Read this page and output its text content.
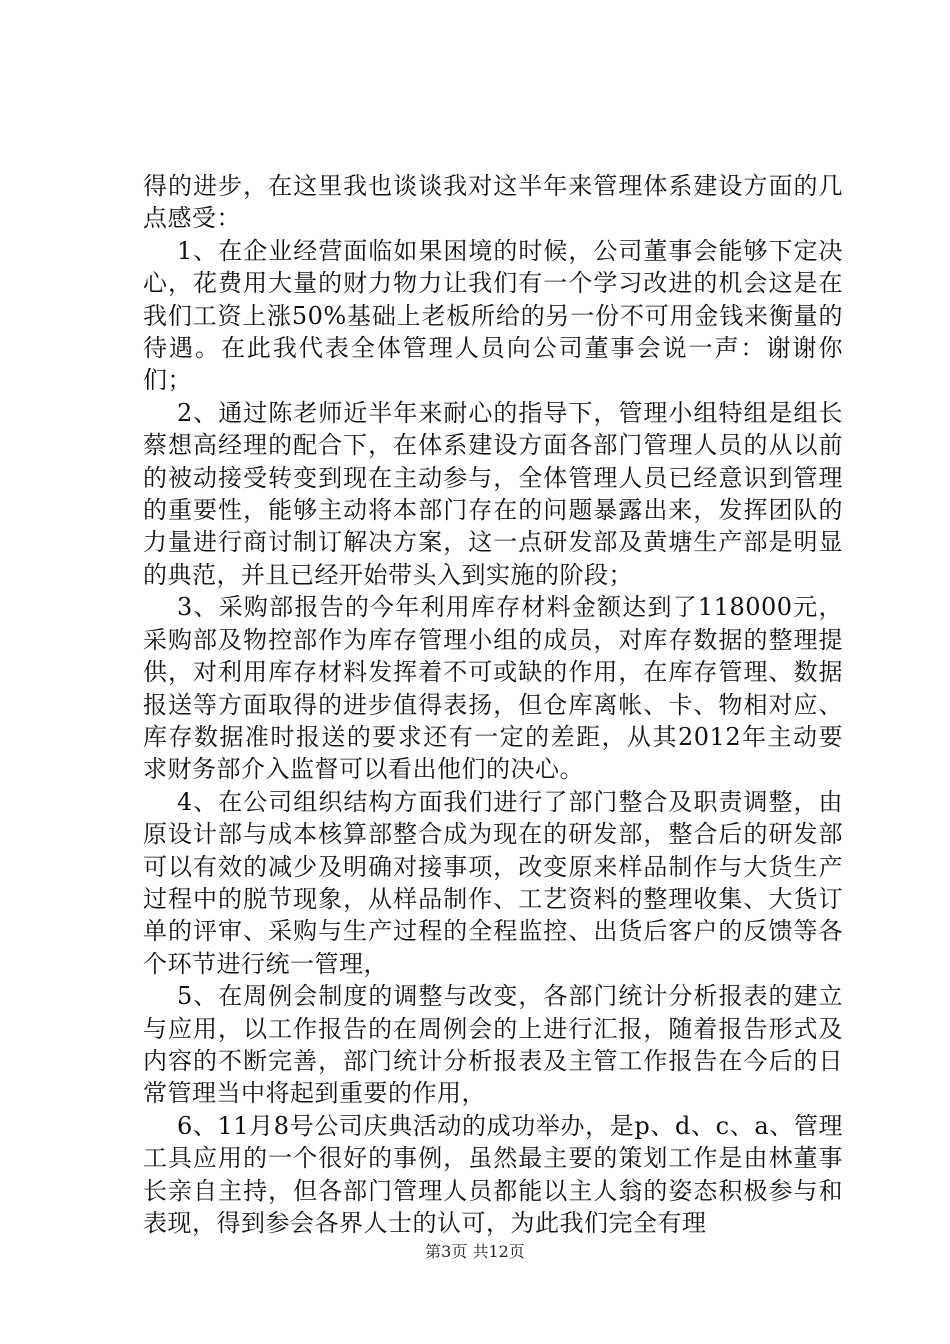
得的进步，在这里我也谈谈我对这半年来管理体系建设方面的几点感受：

1、在企业经营面临如果困境的时候，公司董事会能够下定决心，花费用大量的财力物力让我们有一个学习改进的机会这是在我们工资上涨50%基础上老板所给的另一份不可用金钱来衡量的待遇。在此我代表全体管理人员向公司董事会说一声：谢谢你们；

2、通过陈老师近半年来耐心的指导下，管理小组特组是组长蔡想高经理的配合下，在体系建设方面各部门管理人员的从以前的被动接受转变到现在主动参与，全体管理人员已经意识到管理的重要性，能够主动将本部门存在的问题暴露出来，发挥团队的力量进行商讨制订解决方案，这一点研发部及黄塘生产部是明显的典范，并且已经开始带头入到实施的阶段；

3、采购部报告的今年利用库存材料金额达到了118000元，采购部及物控部作为库存管理小组的成员，对库存数据的整理提供，对利用库存材料发挥着不可或缺的作用，在库存管理、数据报送等方面取得的进步值得表扬，但仓库离帐、卡、物相对应、库存数据准时报送的要求还有一定的差距，从其2012年主动要求财务部介入监督可以看出他们的决心。

4、在公司组织结构方面我们进行了部门整合及职责调整，由原设计部与成本核算部整合成为现在的研发部，整合后的研发部可以有效的减少及明确对接事项，改变原来样品制作与大货生产过程中的脱节现象，从样品制作、工艺资料的整理收集、大货订单的评审、采购与生产过程的全程监控、出货后客户的反馈等各个环节进行统一管理，

5、在周例会制度的调整与改变，各部门统计分析报表的建立与应用，以工作报告的在周例会的上进行汇报，随着报告形式及内容的不断完善，部门统计分析报表及主管工作报告在今后的日常管理当中将起到重要的作用，

6、11月8号公司庆典活动的成功举办，是p、d、c、a、管理工具应用的一个很好的事例，虽然最主要的策划工作是由林董事长亲自主持，但各部门管理人员都能以主人翁的姿态积极参与和表现，得到参会各界人士的认可，为此我们完全有理

第3页 共12页
